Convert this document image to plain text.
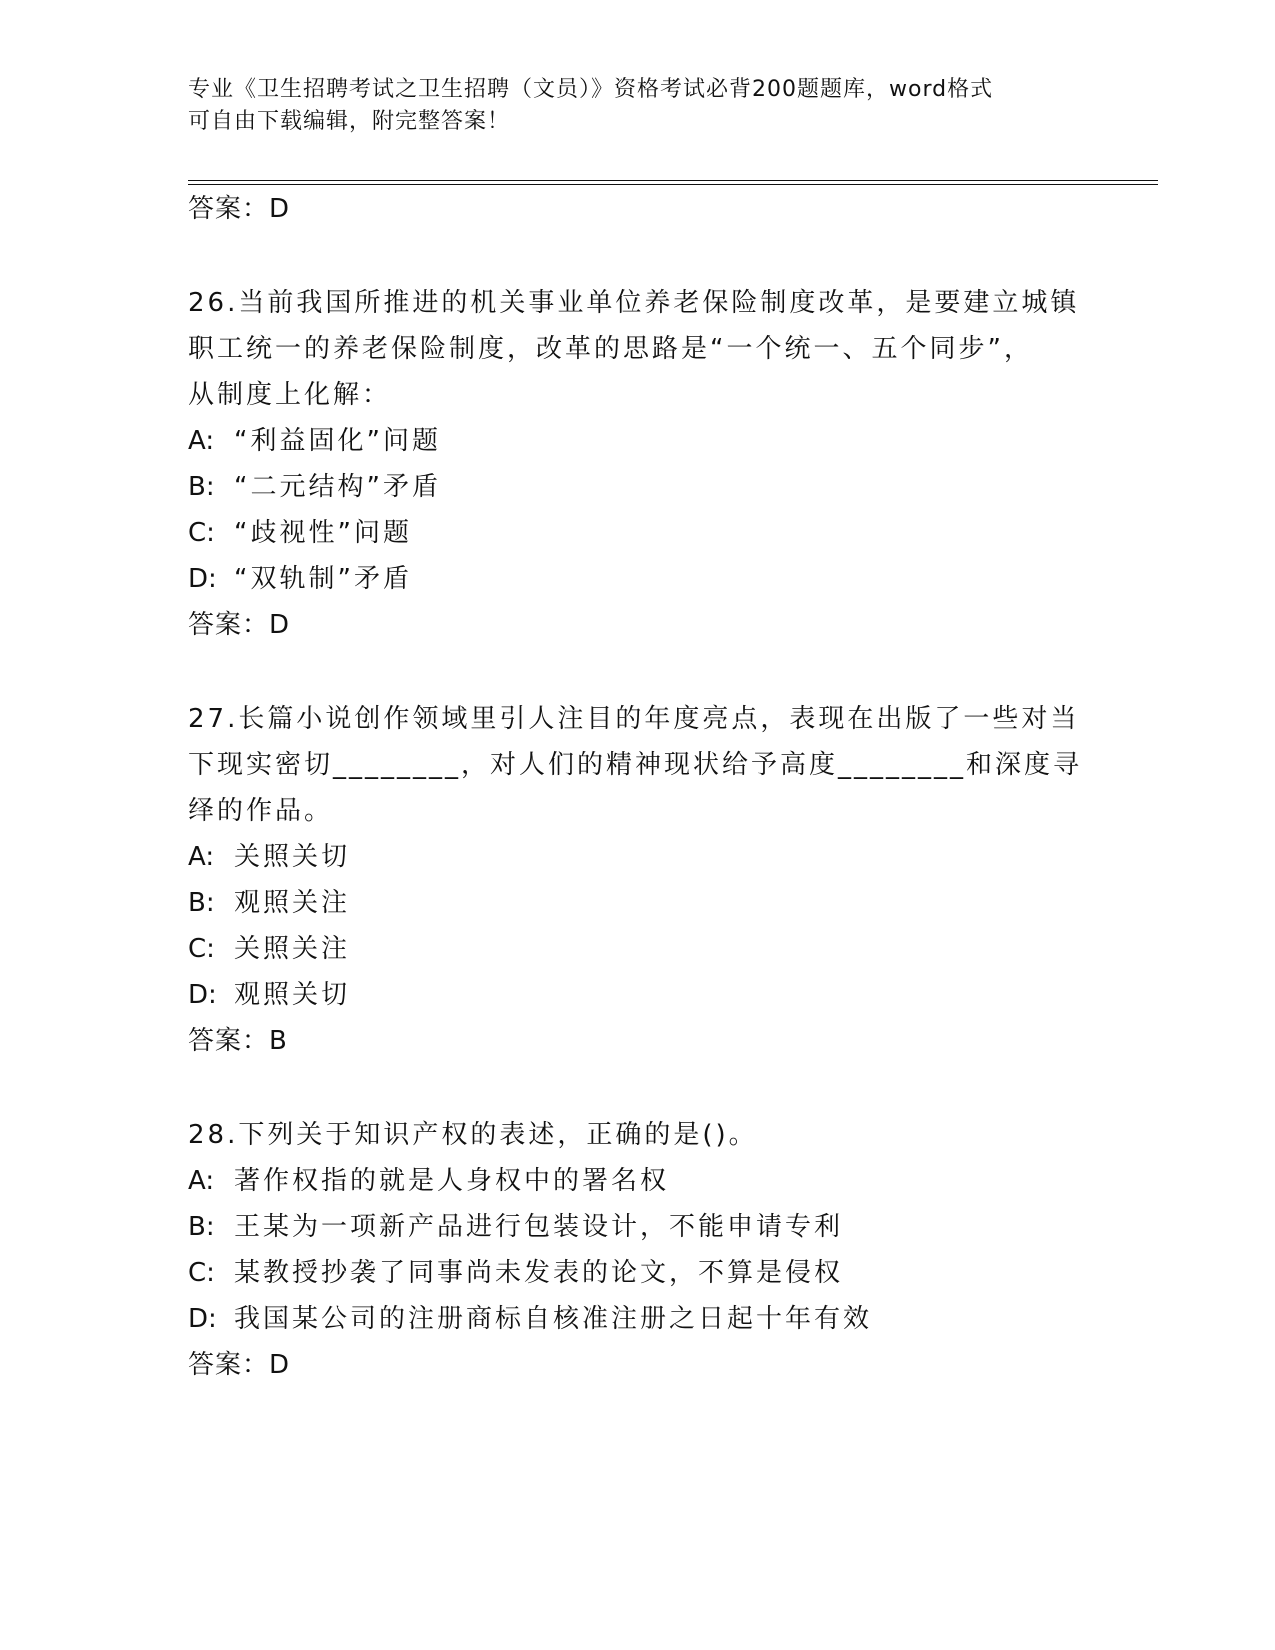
专业《卫生招聘考试之卫生招聘（文员）》资格考试必背200题题库，word格式
可自由下载编辑，附完整答案！
答案：D
26.当前我国所推进的机关事业单位养老保险制度改革，是要建立城镇
职工统一的养老保险制度，改革的思路是“一个统一、五个同步”，
从制度上化解：
A: “利益固化”问题
B: “二元结构”矛盾
C: “歧视性”问题
D: “双轨制”矛盾
答案：D
27.长篇小说创作领域里引人注目的年度亮点，表现在出版了一些对当
下现实密切________，对人们的精神现状给予高度________和深度寻
绎的作品。
A: 关照关切
B: 观照关注
C: 关照关注
D: 观照关切
答案：B
28.下列关于知识产权的表述，正确的是()。
A: 著作权指的就是人身权中的署名权
B: 王某为一项新产品进行包装设计，不能申请专利
C: 某教授抄袭了同事尚未发表的论文，不算是侵权
D: 我国某公司的注册商标自核准注册之日起十年有效
答案：D
